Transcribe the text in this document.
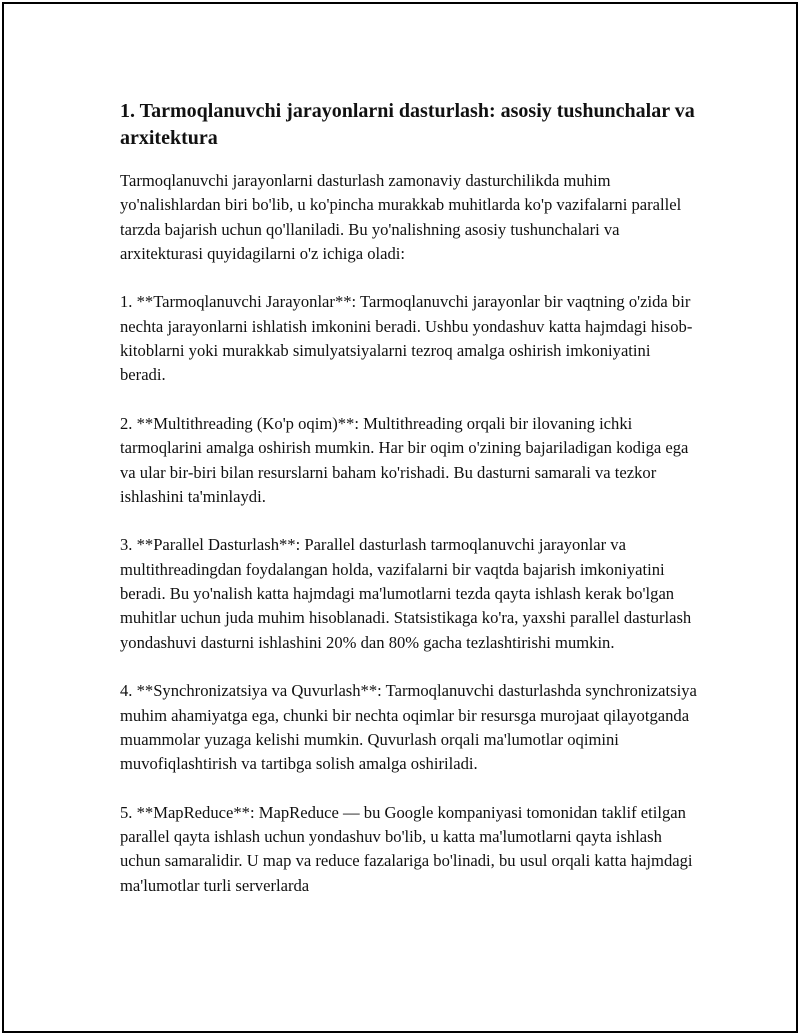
1. Tarmoqlanuvchi jarayonlarni dasturlash: asosiy tushunchalar va arxitektura

Tarmoqlanuvchi jarayonlarni dasturlash zamonaviy dasturchilikda muhim yo'nalishlardan biri bo'lib, u ko'pincha murakkab muhitlarda ko'p vazifalarni parallel tarzda bajarish uchun qo'llaniladi. Bu yo'nalishning asosiy tushunchalari va arxitekturasi quyidagilarni o'z ichiga oladi:

1. **Tarmoqlanuvchi Jarayonlar**: Tarmoqlanuvchi jarayonlar bir vaqtning o'zida bir nechta jarayonlarni ishlatish imkonini beradi. Ushbu yondashuv katta hajmdagi hisob-kitoblarni yoki murakkab simulyatsiyalarni tezroq amalga oshirish imkoniyatini beradi.

2. **Multithreading (Ko'p oqim)**: Multithreading orqali bir ilovaning ichki tarmoqlarini amalga oshirish mumkin. Har bir oqim o'zining bajariladigan kodiga ega va ular bir-biri bilan resurslarni baham ko'rishadi. Bu dasturni samarali va tezkor ishlashini ta'minlaydi.

3. **Parallel Dasturlash**: Parallel dasturlash tarmoqlanuvchi jarayonlar va multithreadingdan foydalangan holda, vazifalarni bir vaqtda bajarish imkoniyatini beradi. Bu yo'nalish katta hajmdagi ma'lumotlarni tezda qayta ishlash kerak bo'lgan muhitlar uchun juda muhim hisoblanadi. Statsistikaga ko'ra, yaxshi parallel dasturlash yondashuvi dasturni ishlashini 20% dan 80% gacha tezlashtirishi mumkin.

4. **Synchronizatsiya va Quvurlash**: Tarmoqlanuvchi dasturlashda synchronizatsiya muhim ahamiyatga ega, chunki bir nechta oqimlar bir resursga murojaat qilayotganda muammolar yuzaga kelishi mumkin. Quvurlash orqali ma'lumotlar oqimini muvofiqlashtirish va tartibga solish amalga oshiriladi.

5. **MapReduce**: MapReduce — bu Google kompaniyasi tomonidan taklif etilgan parallel qayta ishlash uchun yondashuv bo'lib, u katta ma'lumotlarni qayta ishlash uchun samaralidir. U map va reduce fazalariga bo'linadi, bu usul orqali katta hajmdagi ma'lumotlar turli serverlarda
